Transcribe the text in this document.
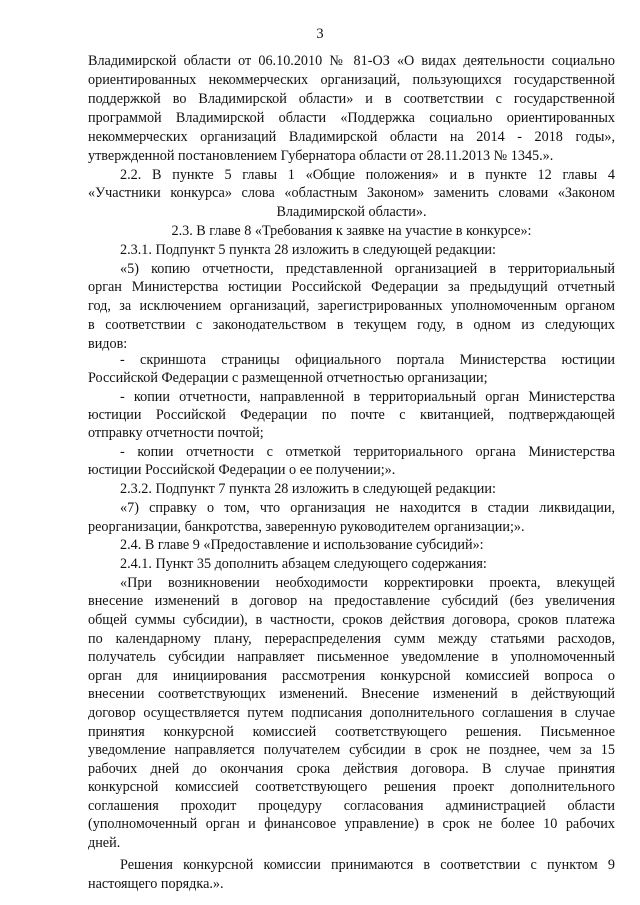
3
Владимирской области от 06.10.2010 № 81-ОЗ «О видах деятельности социально
ориентированных некоммерческих организаций, пользующихся государственной
поддержкой во Владимирской области» и в соответствии с государственной
программой Владимирской области «Поддержка социально ориентированных
некоммерческих организаций Владимирской области на 2014 - 2018 годы»,
утвержденной постановлением Губернатора области от 28.11.2013 № 1345.».
2.2. В пункте 5 главы 1 «Общие положения» и в пункте 12 главы 4
«Участники конкурса» слова «областным Законом» заменить словами «Законом
Владимирской области».
2.3. В главе 8 «Требования к заявке на участие в конкурсе»:
2.3.1. Подпункт 5 пункта 28 изложить в следующей редакции:
«5) копию отчетности, представленной организацией в территориальный
орган Министерства юстиции Российской Федерации за предыдущий отчетный
год, за исключением организаций, зарегистрированных уполномоченным органом
в соответствии с законодательством в текущем году, в одном из следующих
видов:
- скриншота страницы официального портала Министерства юстиции
Российской Федерации с размещенной отчетностью организации;
- копии отчетности, направленной в территориальный орган Министерства
юстиции Российской Федерации по почте с квитанцией, подтверждающей
отправку отчетности почтой;
- копии отчетности с отметкой территориального органа Министерства
юстиции Российской Федерации о ее получении;».
2.3.2. Подпункт 7 пункта 28 изложить в следующей редакции:
«7) справку о том, что организация не находится в стадии ликвидации,
реорганизации, банкротства, заверенную руководителем организации;».
2.4. В главе 9 «Предоставление и использование субсидий»:
2.4.1. Пункт 35 дополнить абзацем следующего содержания:
«При возникновении необходимости корректировки проекта, влекущей
внесение изменений в договор на предоставление субсидий (без увеличения
общей суммы субсидии), в частности, сроков действия договора, сроков платежа
по календарному плану, перераспределения сумм между статьями расходов,
получатель субсидии направляет письменное уведомление в уполномоченный
орган для инициирования рассмотрения конкурсной комиссией вопроса о
внесении соответствующих изменений. Внесение изменений в действующий
договор осуществляется путем подписания дополнительного соглашения в случае
принятия конкурсной комиссией соответствующего решения. Письменное
уведомление направляется получателем субсидии в срок не позднее, чем за 15
рабочих дней до окончания срока действия договора. В случае принятия
конкурсной комиссией соответствующего решения проект дополнительного
соглашения проходит процедуру согласования администрацией области
(уполномоченный орган и финансовое управление) в срок не более 10 рабочих
дней.
Решения конкурсной комиссии принимаются в соответствии с пунктом 9
настоящего порядка.».
